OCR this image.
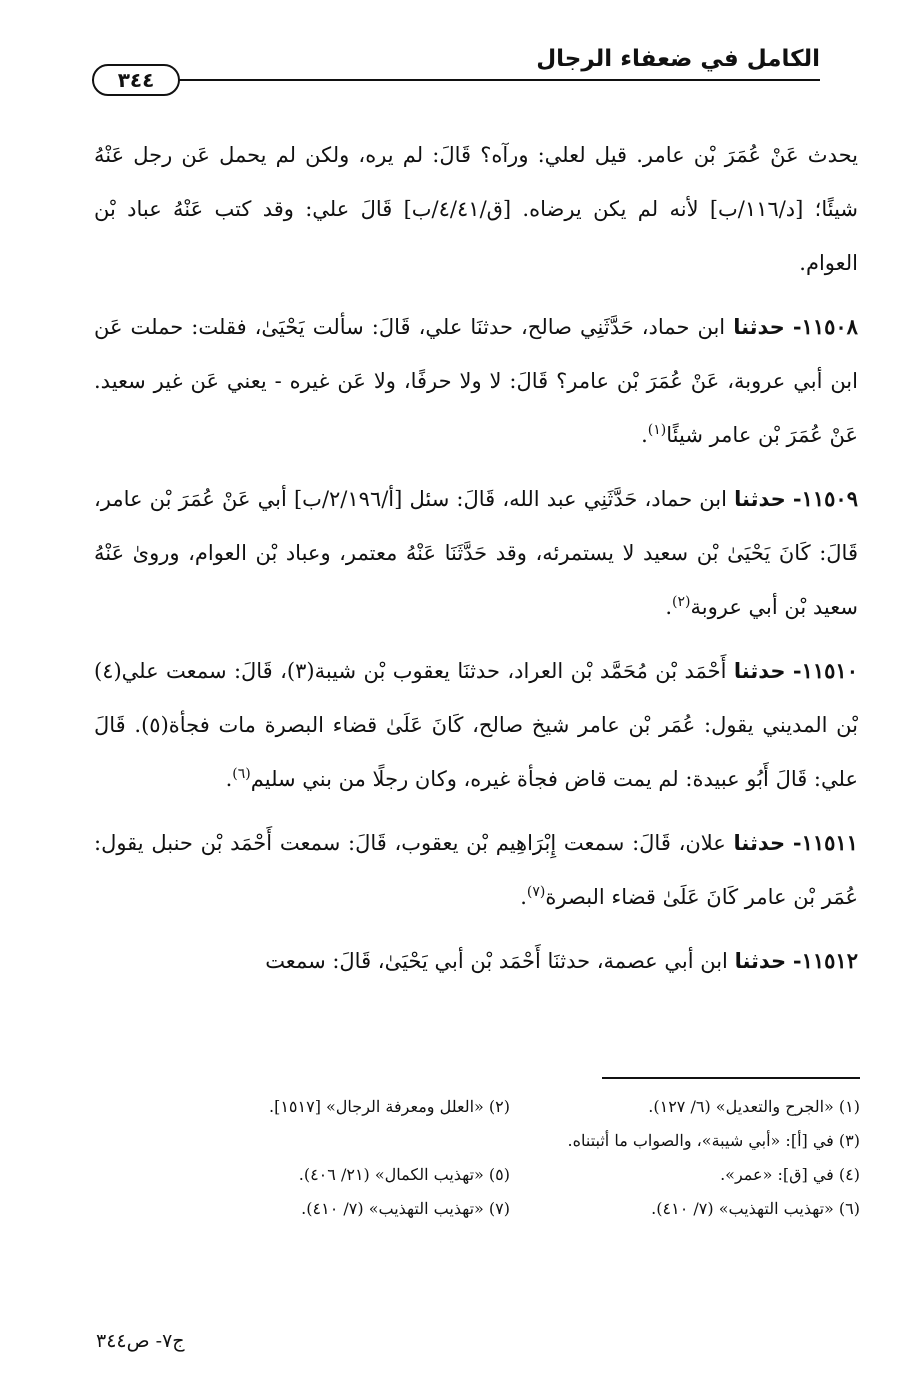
الكامل في ضعفاء الرجال
٣٤٤

يحدث عَنْ عُمَرَ بْن عامر. قيل لعلي: ورآه؟ قَالَ: لم يره، ولكن لم يحمل عَن رجل عَنْهُ شيئًا؛ [د/١١٦/ب] لأنه لم يكن يرضاه. [ق/٤/٤١/ب] قَالَ علي: وقد كتب عَنْهُ عباد بْن العوام.

١١٥٠٨- حدثنا ابن حماد، حَدَّثَنِي صالح، حدثنَا علي، قَالَ: سألت يَحْيَىٰ، فقلت: حملت عَن ابن أبي عروبة، عَنْ عُمَرَ بْن عامر؟ قَالَ: لا ولا حرفًا، ولا عَن غيره - يعني عَن غير سعيد. عَنْ عُمَرَ بْن عامر شيئًا$^{(١)}$.

١١٥٠٩- حدثنا ابن حماد، حَدَّثَنِي عبد الله، قَالَ: سئل [أ/٢/١٩٦/ب] أبي عَنْ عُمَرَ بْن عامر، قَالَ: كَانَ يَحْيَىٰ بْن سعيد لا يستمرئه، وقد حَدَّثَنَا عَنْهُ معتمر، وعباد بْن العوام، وروىٰ عَنْهُ سعيد بْن أبي عروبة$^{(٢)}$.

١١٥١٠- حدثنا أَحْمَد بْن مُحَمَّد بْن العراد، حدثنَا يعقوب بْن شيبة(٣)، قَالَ: سمعت علي(٤) بْن المديني يقول: عُمَر بْن عامر شيخ صالح، كَانَ عَلَىٰ قضاء البصرة مات فجأة(٥). قَالَ علي: قَالَ أَبُو عبيدة: لم يمت قاض فجأة غيره، وكان رجلًا من بني سليم$^{(٦)}$.

١١٥١١- حدثنا علان، قَالَ: سمعت إِبْرَاهِيم بْن يعقوب، قَالَ: سمعت أَحْمَد بْن حنبل يقول: عُمَر بْن عامر كَانَ عَلَىٰ قضاء البصرة$^{(٧)}$.

١١٥١٢- حدثنا ابن أبي عصمة، حدثنَا أَحْمَد بْن أبي يَحْيَىٰ، قَالَ: سمعت

(١) «الجرح والتعديل» (٦/ ١٢٧).
(٢) «العلل ومعرفة الرجال» [١٥١٧].
(٣) في [أ]: «أبي شيبة»، والصواب ما أثبتناه.
(٤) في [ق]: «عمر».
(٥) «تهذيب الكمال» (٢١/ ٤٠٦).
(٦) «تهذيب التهذيب» (٧/ ٤١٠).
(٧) «تهذيب التهذيب» (٧/ ٤١٠).
ج٧- ص٣٤٤
